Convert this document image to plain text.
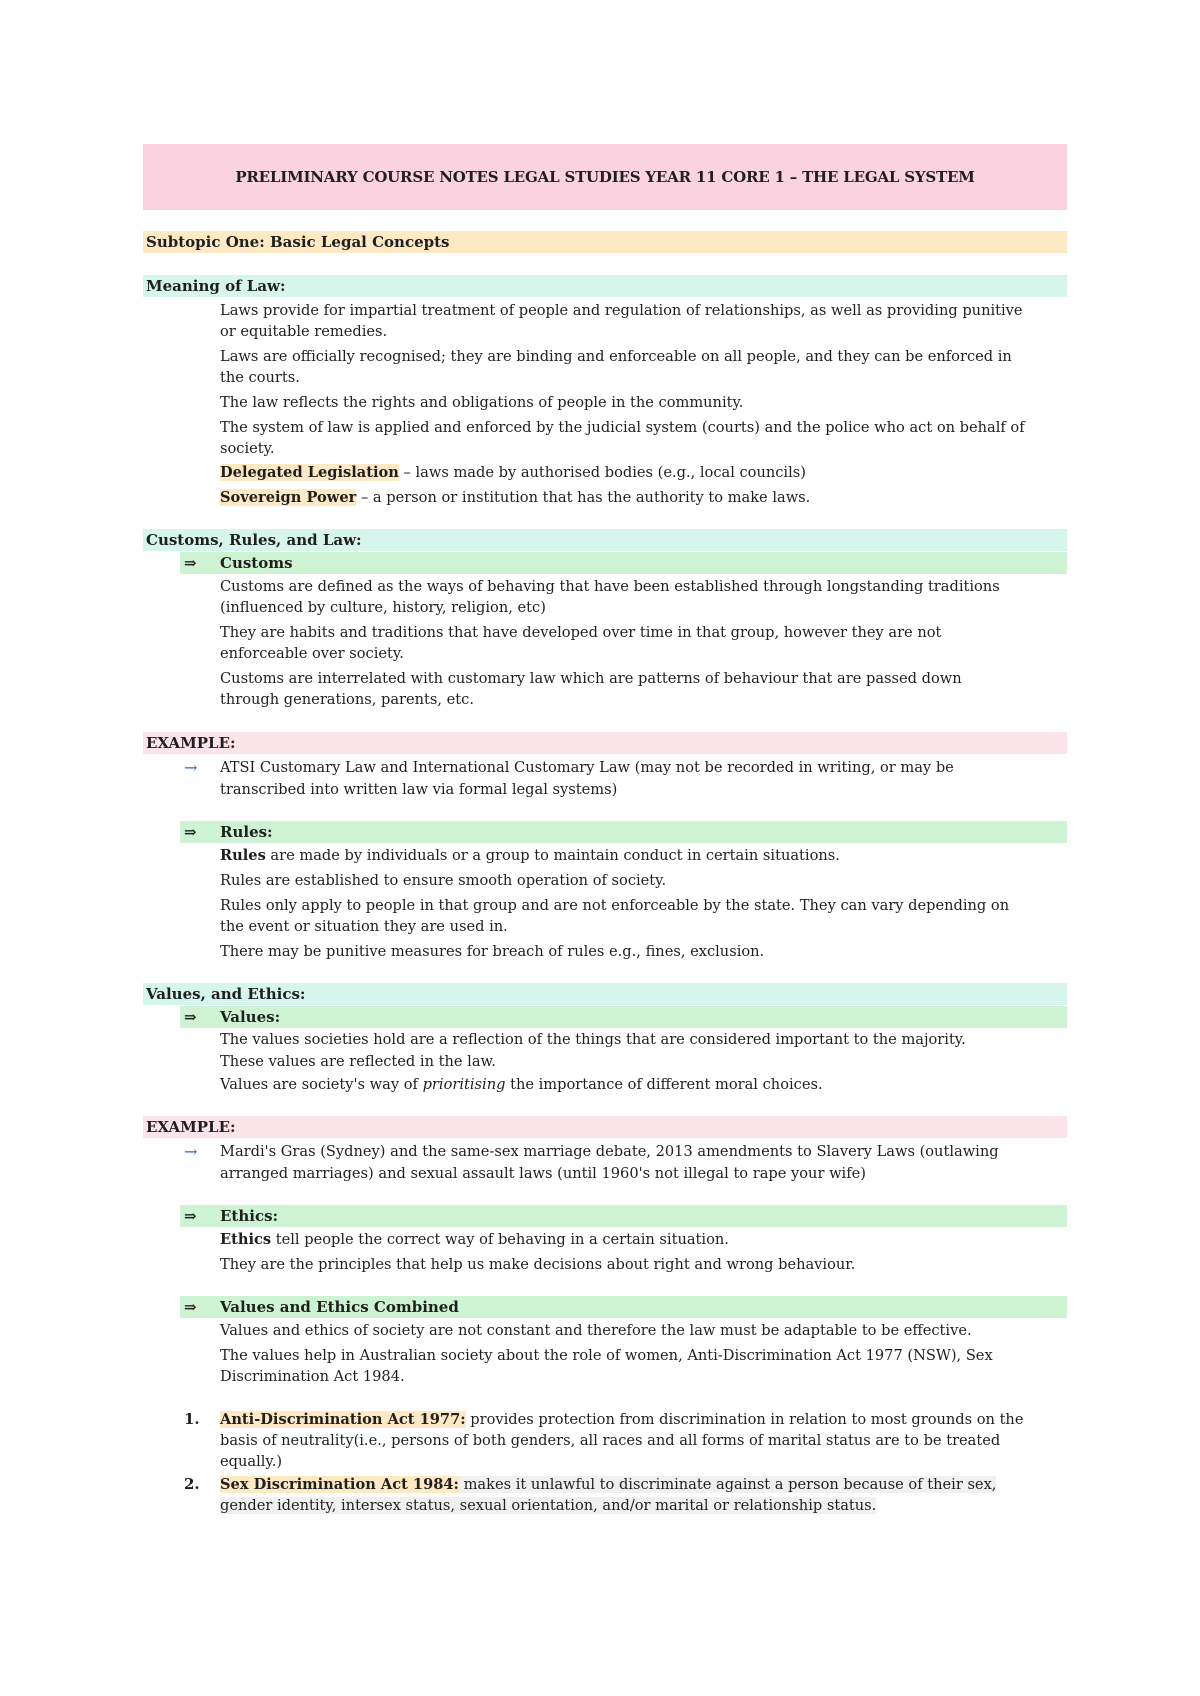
PRELIMINARY COURSE NOTES LEGAL STUDIES YEAR 11 CORE 1 – THE LEGAL SYSTEM
Subtopic One: Basic Legal Concepts
Meaning of Law:
Laws provide for impartial treatment of people and regulation of relationships, as well as providing punitive
or equitable remedies.
Laws are officially recognised; they are binding and enforceable on all people, and they can be enforced in
the courts.
The law reflects the rights and obligations of people in the community.
The system of law is applied and enforced by the judicial system (courts) and the police who act on behalf of
society.
Delegated Legislation – laws made by authorised bodies (e.g., local councils)
Sovereign Power – a person or institution that has the authority to make laws.
Customs, Rules, and Law:
⇒ Customs
Customs are defined as the ways of behaving that have been established through longstanding traditions
(influenced by culture, history, religion, etc)
They are habits and traditions that have developed over time in that group, however they are not
enforceable over society.
Customs are interrelated with customary law which are patterns of behaviour that are passed down
through generations, parents, etc.
EXAMPLE:
→ ATSI Customary Law and International Customary Law (may not be recorded in writing, or may be
transcribed into written law via formal legal systems)
⇒ Rules:
Rules are made by individuals or a group to maintain conduct in certain situations.
Rules are established to ensure smooth operation of society.
Rules only apply to people in that group and are not enforceable by the state. They can vary depending on
the event or situation they are used in.
There may be punitive measures for breach of rules e.g., fines, exclusion.
Values, and Ethics:
⇒ Values:
The values societies hold are a reflection of the things that are considered important to the majority.
These values are reflected in the law.
Values are society's way of prioritising the importance of different moral choices.
EXAMPLE:
→ Mardi's Gras (Sydney) and the same-sex marriage debate, 2013 amendments to Slavery Laws (outlawing
arranged marriages) and sexual assault laws (until 1960's not illegal to rape your wife)
⇒ Ethics:
Ethics tell people the correct way of behaving in a certain situation.
They are the principles that help us make decisions about right and wrong behaviour.
⇒ Values and Ethics Combined
Values and ethics of society are not constant and therefore the law must be adaptable to be effective.
The values help in Australian society about the role of women, Anti-Discrimination Act 1977 (NSW), Sex
Discrimination Act 1984.
1. Anti-Discrimination Act 1977: provides protection from discrimination in relation to most grounds on the
basis of neutrality(i.e., persons of both genders, all races and all forms of marital status are to be treated
equally.)
2. Sex Discrimination Act 1984: makes it unlawful to discriminate against a person because of their sex,
gender identity, intersex status, sexual orientation, and/or marital or relationship status.
